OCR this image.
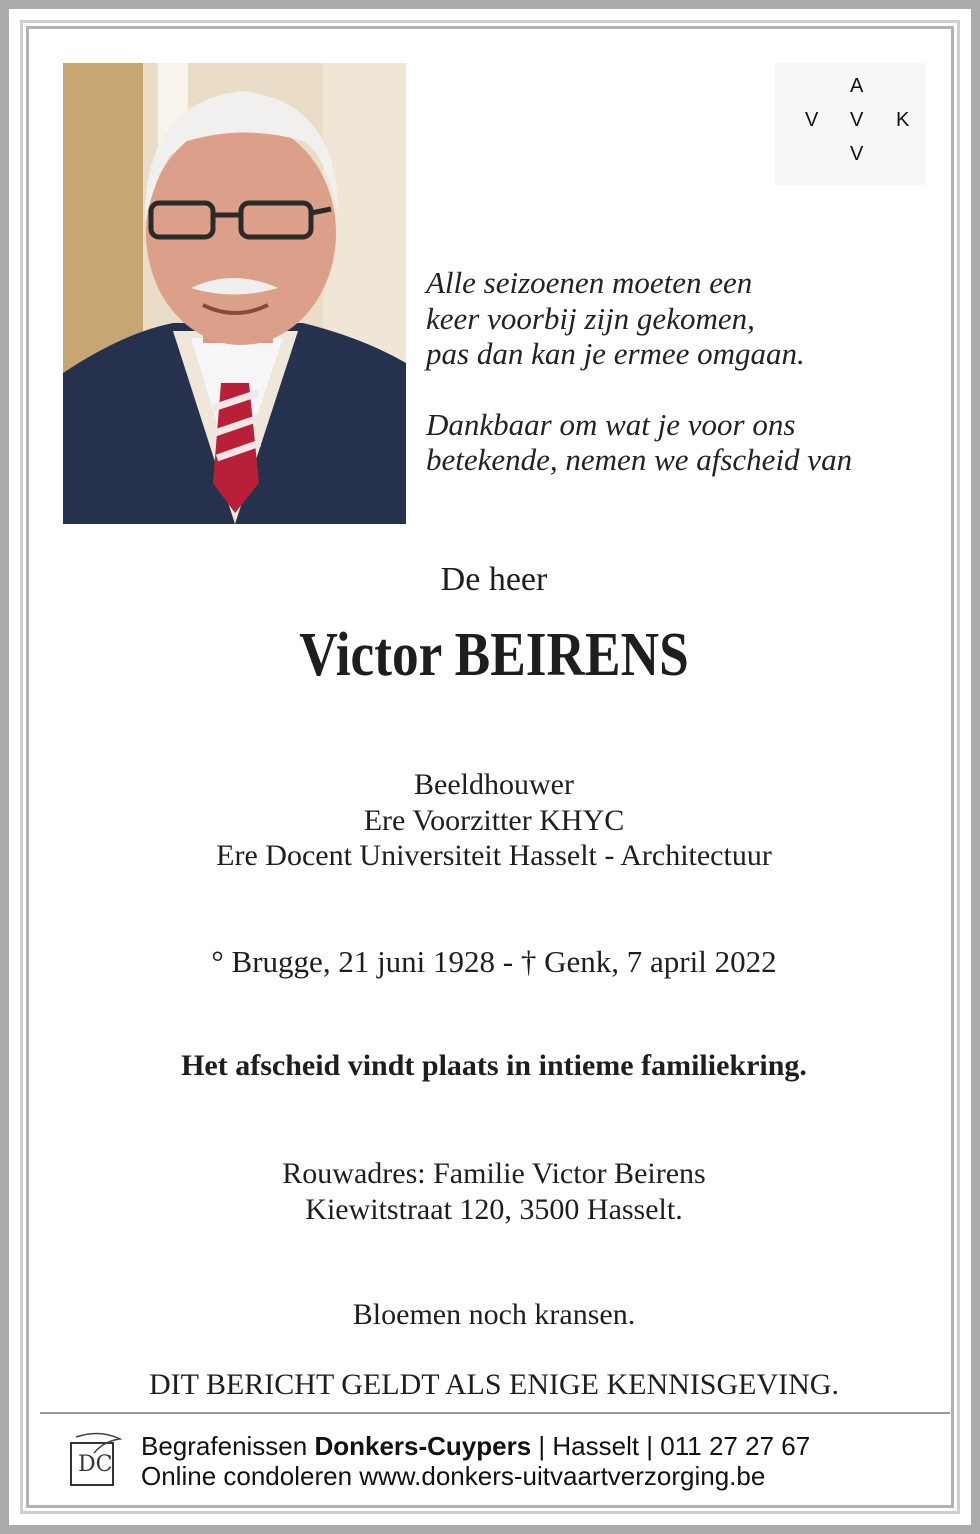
A
V V K
V

Alle seizoenen moeten een

keer voorbij zijn gekomen,

pas dan kan je ermee omgaan.

Dankbaar om wat je voor ons

betekende, nemen we afscheid van

De heer
Victor BEIRENS
Beeldhouwer
Ere Voorzitter KHYC
Ere Docent Universiteit Hasselt - Architectuur
° Brugge, 21 juni 1928 - † Genk, 7 april 2022
Het afscheid vindt plaats in intieme familiekring.
Rouwadres: Familie Victor Beirens
Kiewitstraat 120, 3500 Hasselt.
Bloemen noch kransen.
DIT BERICHT GELDT ALS ENIGE KENNISGEVING.
DC
Begrafenissen Donkers-Cuypers | Hasselt | 011 27 27 67
Online condoleren www.donkers-uitvaartverzorging.be
